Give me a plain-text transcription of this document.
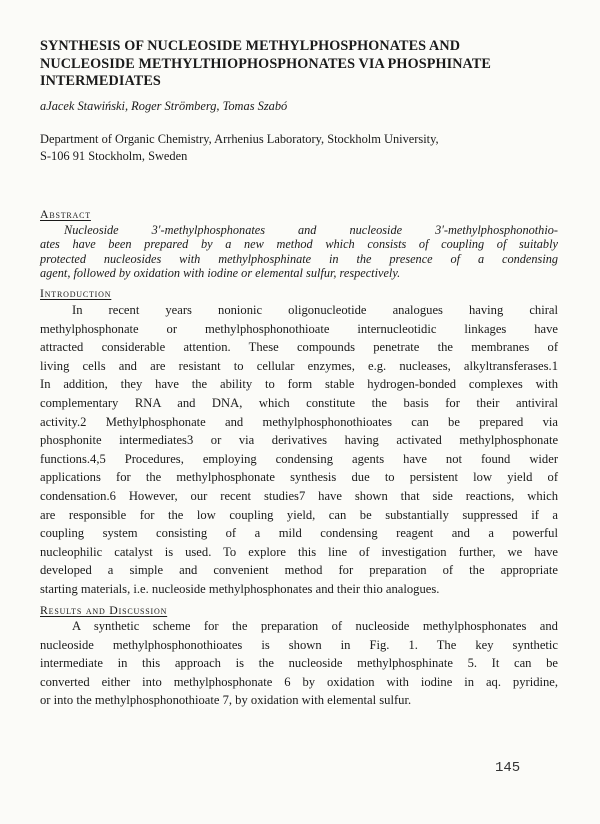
SYNTHESIS OF NUCLEOSIDE METHYLPHOSPHONATES AND
NUCLEOSIDE METHYLTHIOPHOSPHONATES VIA PHOSPHINATE
INTERMEDIATES
aJacek Stawiński, Roger Strömberg, Tomas Szabó
Department of Organic Chemistry, Arrhenius Laboratory, Stockholm University,
S-106 91 Stockholm, Sweden
Abstract
Nucleoside 3′-methylphosphonates and nucleoside 3′-methylphosphonothio-
ates have been prepared by a new method which consists of coupling of suitably
protected nucleosides with methylphosphinate in the presence of a condensing
agent, followed by oxidation with iodine or elemental sulfur, respectively.
Introduction
In recent years nonionic oligonucleotide analogues having chiral
methylphosphonate or methylphosphonothioate internucleotidic linkages have
attracted considerable attention. These compounds penetrate the membranes of
living cells and are resistant to cellular enzymes, e.g. nucleases, alkyltransferases.1
In addition, they have the ability to form stable hydrogen-bonded complexes with
complementary RNA and DNA, which constitute the basis for their antiviral
activity.2 Methylphosphonate and methylphosphonothioates can be prepared via
phosphonite intermediates3 or via derivatives having activated methylphosphonate
functions.4,5 Procedures, employing condensing agents have not found wider
applications for the methylphosphonate synthesis due to persistent low yield of
condensation.6 However, our recent studies7 have shown that side reactions, which
are responsible for the low coupling yield, can be substantially suppressed if a
coupling system consisting of a mild condensing reagent and a powerful
nucleophilic catalyst is used. To explore this line of investigation further, we have
developed a simple and convenient method for preparation of the appropriate
starting materials, i.e. nucleoside methylphosphonates and their thio analogues.
Results and Discussion
A synthetic scheme for the preparation of nucleoside methylphosphonates and
nucleoside methylphosphonothioates is shown in Fig. 1. The key synthetic
intermediate in this approach is the nucleoside methylphosphinate 5. It can be
converted either into methylphosphonate 6 by oxidation with iodine in aq. pyridine,
or into the methylphosphonothioate 7, by oxidation with elemental sulfur.
145
